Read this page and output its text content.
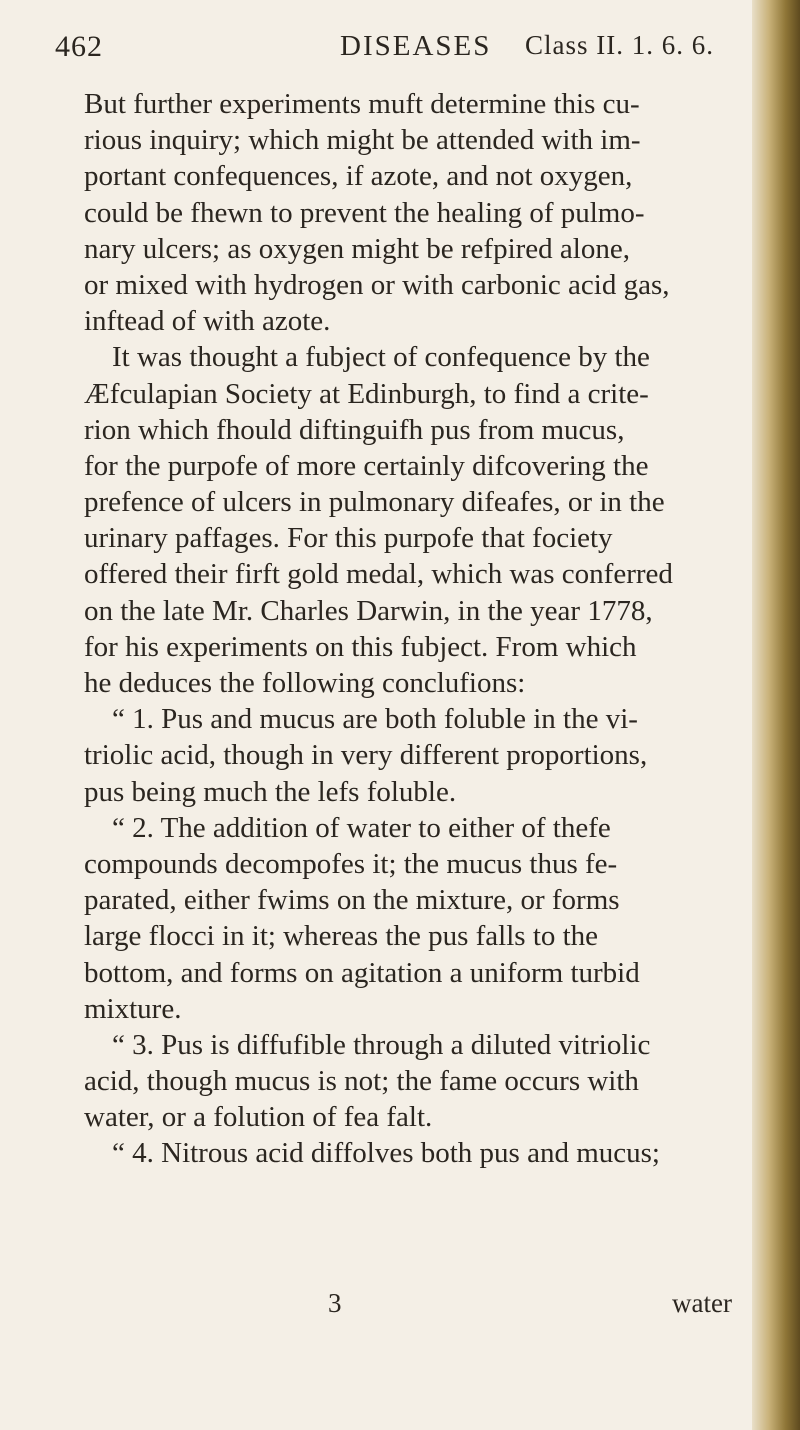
462	DISEASES Class II. 1. 6. 6.
But further experiments muft determine this cu-
rious inquiry; which might be attended with im-
portant confequences, if azote, and not oxygen,
could be fhewn to prevent the healing of pulmo-
nary ulcers; as oxygen might be refpired alone,
or mixed with hydrogen or with carbonic acid gas,
inftead of with azote.
It was thought a fubject of confequence by the
Æfculapian Society at Edinburgh, to find a crite-
rion which fhould diftinguifh pus from mucus,
for the purpofe of more certainly difcovering the
prefence of ulcers in pulmonary difeafes, or in the
urinary paffages. For this purpofe that fociety
offered their firft gold medal, which was conferred
on the late Mr. Charles Darwin, in the year 1778,
for his experiments on this fubject. From which
he deduces the following conclufions:
“ 1. Pus and mucus are both foluble in the vi-
triolic acid, though in very different proportions,
pus being much the lefs foluble.
“ 2. The addition of water to either of thefe
compounds decompofes it; the mucus thus fe-
parated, either fwims on the mixture, or forms
large flocci in it; whereas the pus falls to the
bottom, and forms on agitation a uniform turbid
mixture.
“ 3. Pus is diffufible through a diluted vitriolic
acid, though mucus is not; the fame occurs with
water, or a folution of fea falt.
“ 4. Nitrous acid diffolves both pus and mucus;
3	water
